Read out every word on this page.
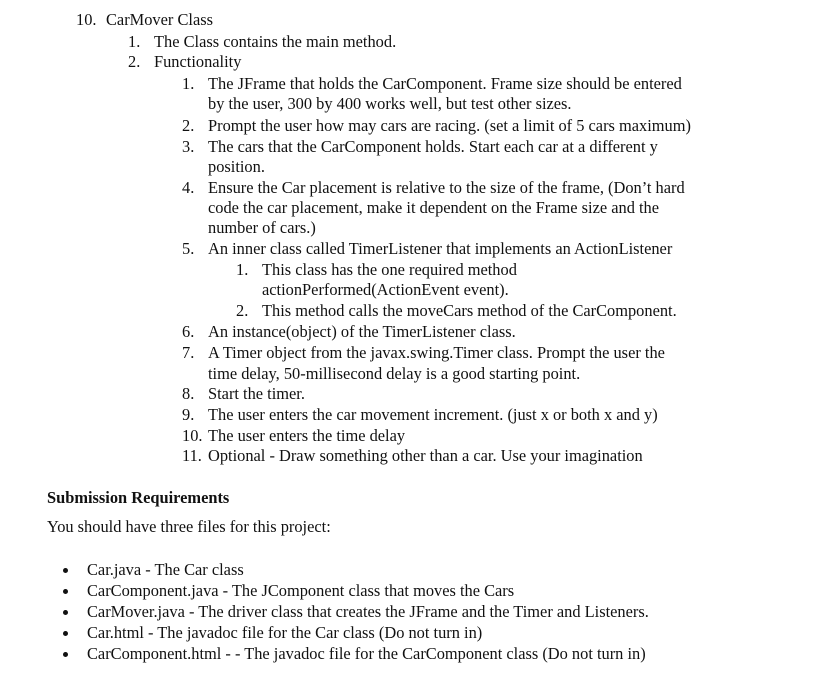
10. CarMover Class
1. The Class contains the main method.
2. Functionality
1. The JFrame that holds the CarComponent. Frame size should be entered
by the user, 300 by 400 works well, but test other sizes.
2. Prompt the user how may cars are racing. (set a limit of 5 cars maximum)
3. The cars that the CarComponent holds. Start each car at a different y
position.
4. Ensure the Car placement is relative to the size of the frame, (Don’t hard
code the car placement, make it dependent on the Frame size and the
number of cars.)
5. An inner class called TimerListener that implements an ActionListener
1. This class has the one required method
actionPerformed(ActionEvent event).
2. This method calls the moveCars method of the CarComponent.
6. An instance(object) of the TimerListener class.
7. A Timer object from the javax.swing.Timer class. Prompt the user the
time delay, 50-millisecond delay is a good starting point.
8. Start the timer.
9. The user enters the car movement increment. (just x or both x and y)
10. The user enters the time delay
11. Optional - Draw something other than a car. Use your imagination
Submission Requirements
You should have three files for this project:
Car.java - The Car class
CarComponent.java - The JComponent class that moves the Cars
CarMover.java - The driver class that creates the JFrame and the Timer and Listeners.
Car.html - The javadoc file for the Car class (Do not turn in)
CarComponent.html - - The javadoc file for the CarComponent class (Do not turn in)
